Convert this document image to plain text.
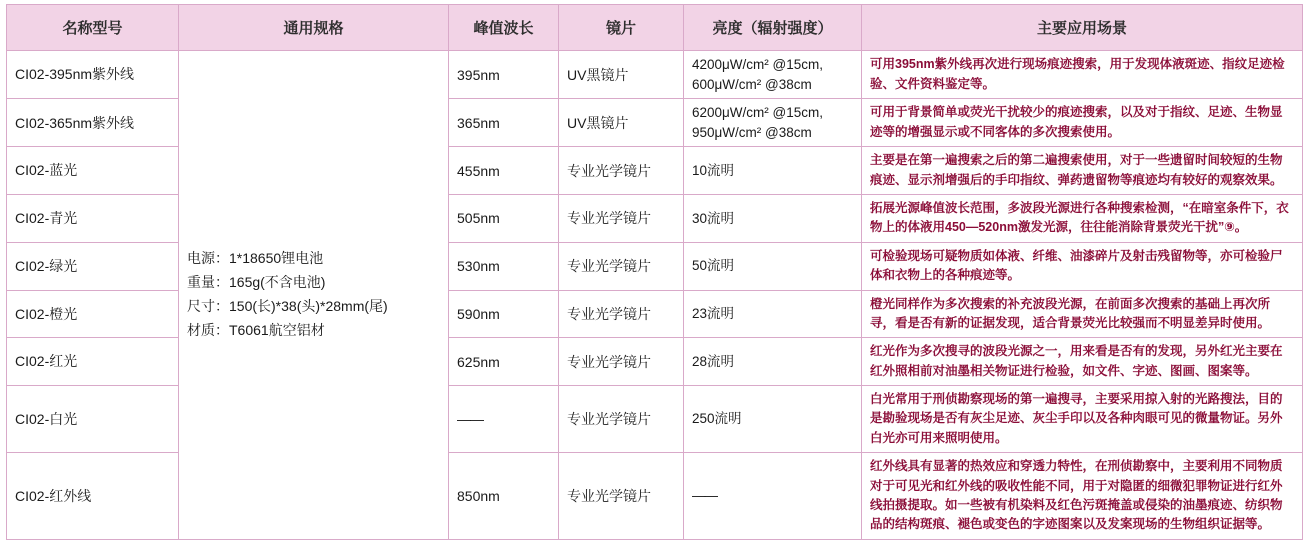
名称型号	通用规格	峰值波长	镜片	亮度（辐射强度）	主要应用场景
CI02-395nm紫外线	电源：1*18650锂电池
重量：165g(不含电池)
尺寸：150(长)*38(头)*28mm(尾)
材质：T6061航空铝材	395nm	UV黑镜片	4200μW/cm² @15cm, 600μW/cm² @38cm	可用395nm紫外线再次进行现场痕迹搜索，用于发现体液斑迹、指纹足迹检验、文件资料鉴定等。
CI02-365nm紫外线		365nm	UV黑镜片	6200μW/cm² @15cm, 950μW/cm² @38cm	可用于背景简单或荧光干扰较少的痕迹搜索，以及对于指纹、足迹、生物显迹等的增强显示或不同客体的多次搜索使用。
CI02-蓝光		455nm	专业光学镜片	10流明	主要是在第一遍搜索之后的第二遍搜索使用，对于一些遗留时间较短的生物痕迹、显示剂增强后的手印指纹、弹药遗留物等痕迹均有较好的观察效果。
CI02-青光		505nm	专业光学镜片	30流明	拓展光源峰值波长范围，多波段光源进行各种搜索检测，“在暗室条件下，衣物上的体液用450—520nm激发光源，往往能消除背景荧光干扰”⑨。
CI02-绿光		530nm	专业光学镜片	50流明	可检验现场可疑物质如体液、纤维、油漆碎片及射击残留物等，亦可检验尸体和衣物上的各种痕迹等。
CI02-橙光		590nm	专业光学镜片	23流明	橙光同样作为多次搜索的补充波段光源，在前面多次搜索的基础上再次所寻，看是否有新的证据发现，适合背景荧光比较强而不明显差异时使用。
CI02-红光		625nm	专业光学镜片	28流明	红光作为多次搜寻的波段光源之一，用来看是否有的发现，另外红光主要在红外照相前对油墨相关物证进行检验，如文件、字迹、图画、图案等。
CI02-白光		——	专业光学镜片	250流明	白光常用于刑侦勘察现场的第一遍搜寻，主要采用掠入射的光路搜法，目的是勘验现场是否有灰尘足迹、灰尘手印以及各种肉眼可见的微量物证。另外白光亦可用来照明使用。
CI02-红外线		850nm	专业光学镜片	——	红外线具有显著的热效应和穿透力特性，在刑侦勘察中，主要利用不同物质对于可见光和红外线的吸收性能不同，用于对隐匿的细微犯罪物证进行红外线拍摄提取。如一些被有机染料及红色污斑掩盖或侵染的油墨痕迹、纺织物品的结构斑痕、褪色或变色的字迹图案以及发案现场的生物组织证据等。
